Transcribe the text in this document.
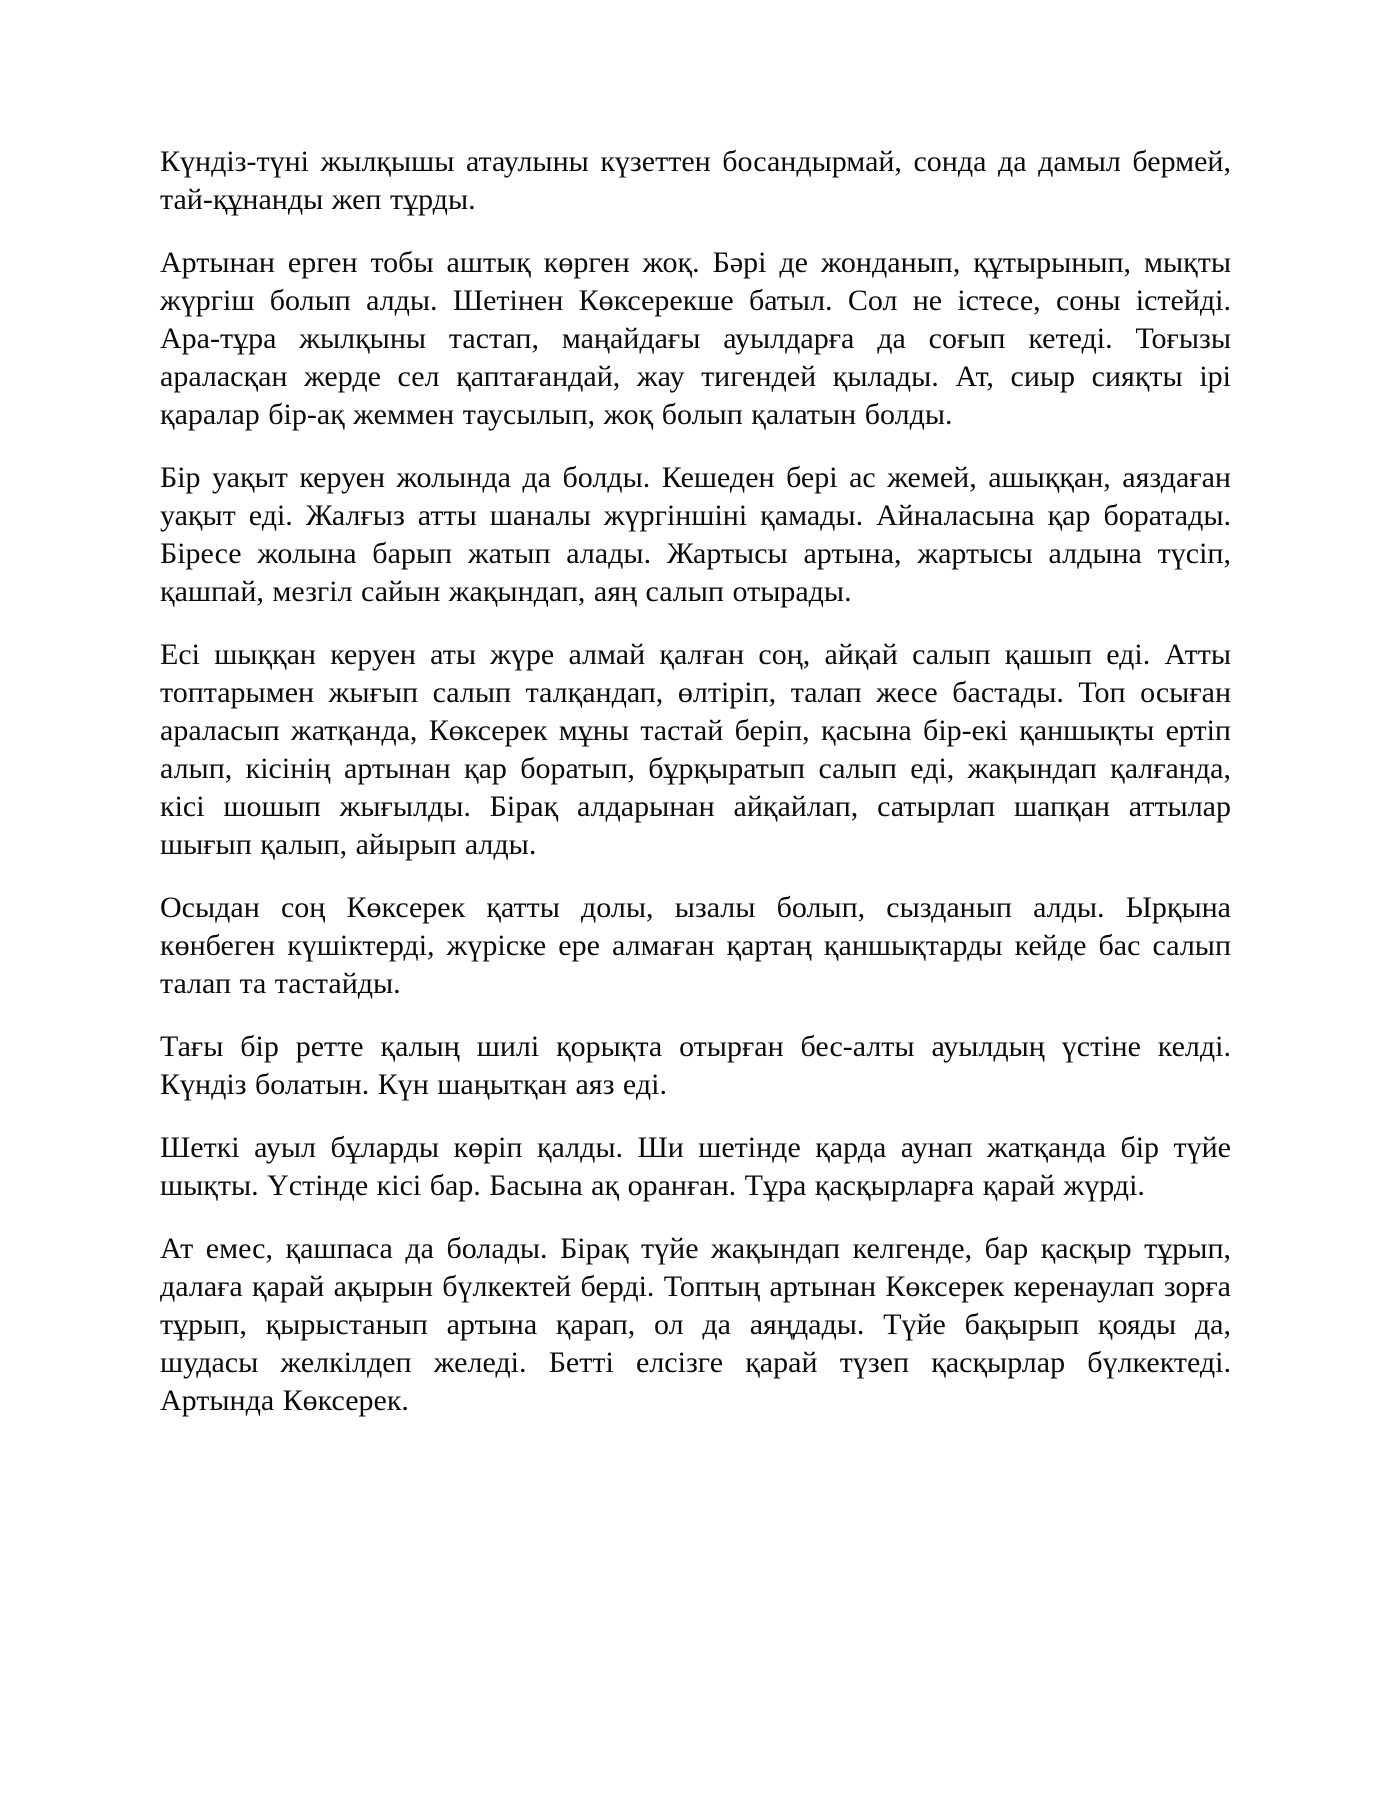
Күндіз-түні жылқышы атаулыны күзеттен босандырмай, сонда да дамыл бермей, тай-құнанды жеп тұрды.

Артынан ерген тобы аштық көрген жоқ. Бәрі де жонданып, құтырынып, мықты жүргіш болып алды. Шетінен Көксерекше батыл. Сол не істесе, соны істейді. Ара-тұра жылқыны тастап, маңайдағы ауылдарға да соғып кетеді. Тоғызы араласқан жерде сел қаптағандай, жау тигендей қылады. Ат, сиыр сияқты ірі қаралар бір-ақ жеммен таусылып, жоқ болып қалатын болды.

Бір уақыт керуен жолында да болды. Кешеден бері ас жемей, ашыққан, аяздаған уақыт еді. Жалғыз атты шаналы жүргіншіні қамады. Айналасына қар боратады. Біресе жолына барып жатып алады. Жартысы артына, жартысы алдына түсіп, қашпай, мезгіл сайын жақындап, аяң салып отырады.

Есі шыққан керуен аты жүре алмай қалған соң, айқай салып қашып еді. Атты топтарымен жығып салып талқандап, өлтіріп, талап жесе бастады. Топ осыған араласып жатқанда, Көксерек мұны тастай беріп, қасына бір-екі қаншықты ертіп алып, кісінің артынан қар боратып, бұрқыратып салып еді, жақындап қалғанда, кісі шошып жығылды. Бірақ алдарынан айқайлап, сатырлап шапқан аттылар шығып қалып, айырып алды.

Осыдан соң Көксерек қатты долы, ызалы болып, сызданып алды. Ырқына көнбеген күшіктерді, жүріске ере алмаған қартаң қаншықтарды кейде бас салып талап та тастайды.

Тағы бір ретте қалың шилі қорықта отырған бес-алты ауылдың үстіне келді. Күндіз болатын. Күн шаңытқан аяз еді.

Шеткі ауыл бұларды көріп қалды. Ши шетінде қарда аунап жатқанда бір түйе шықты. Үстінде кісі бар. Басына ақ оранған. Тұра қасқырларға қарай жүрді.

Ат емес, қашпаса да болады. Бірақ түйе жақындап келгенде, бар қасқыр тұрып, далаға қарай ақырын бүлкектей берді. Топтың артынан Көксерек керенаулап зорға тұрып, қырыстанып артына қарап, ол да аяңдады. Түйе бақырып қояды да, шудасы желкілдеп желеді. Бетті елсізге қарай түзеп қасқырлар бүлкектеді. Артында Көксерек.
